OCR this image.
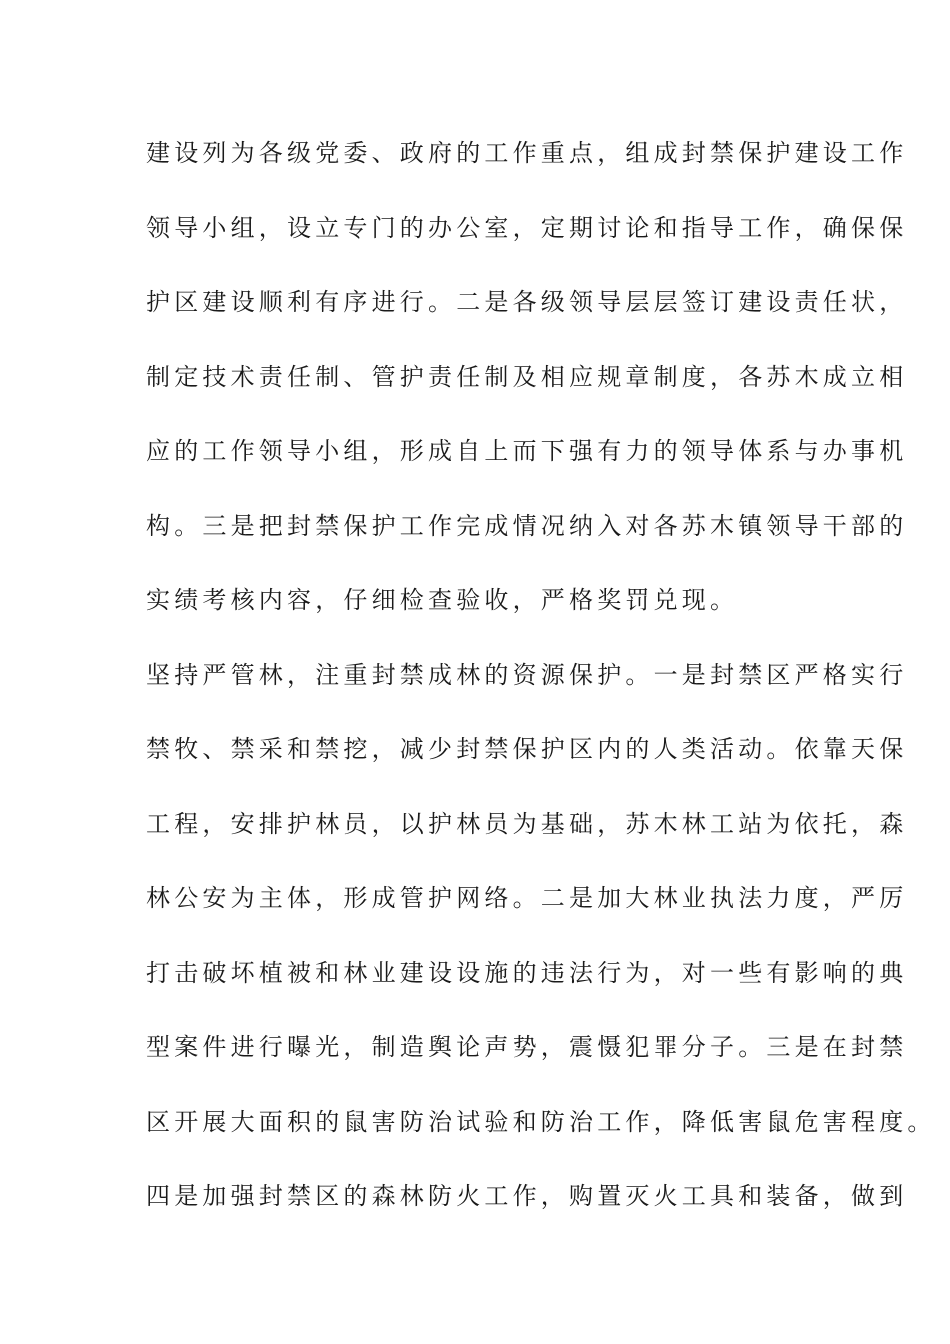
建设列为各级党委、政府的工作重点，组成封禁保护建设工作
领导小组，设立专门的办公室，定期讨论和指导工作，确保保
护区建设顺利有序进行。二是各级领导层层签订建设责任状，
制定技术责任制、管护责任制及相应规章制度，各苏木成立相
应的工作领导小组，形成自上而下强有力的领导体系与办事机
构。三是把封禁保护工作完成情况纳入对各苏木镇领导干部的
实绩考核内容，仔细检查验收，严格奖罚兑现。
坚持严管林，注重封禁成林的资源保护。一是封禁区严格实行
禁牧、禁采和禁挖，减少封禁保护区内的人类活动。依靠天保
工程，安排护林员，以护林员为基础，苏木林工站为依托，森
林公安为主体，形成管护网络。二是加大林业执法力度，严厉
打击破坏植被和林业建设设施的违法行为，对一些有影响的典
型案件进行曝光，制造舆论声势，震慑犯罪分子。三是在封禁
区开展大面积的鼠害防治试验和防治工作，降低害鼠危害程度。
四是加强封禁区的森林防火工作，购置灭火工具和装备，做到
